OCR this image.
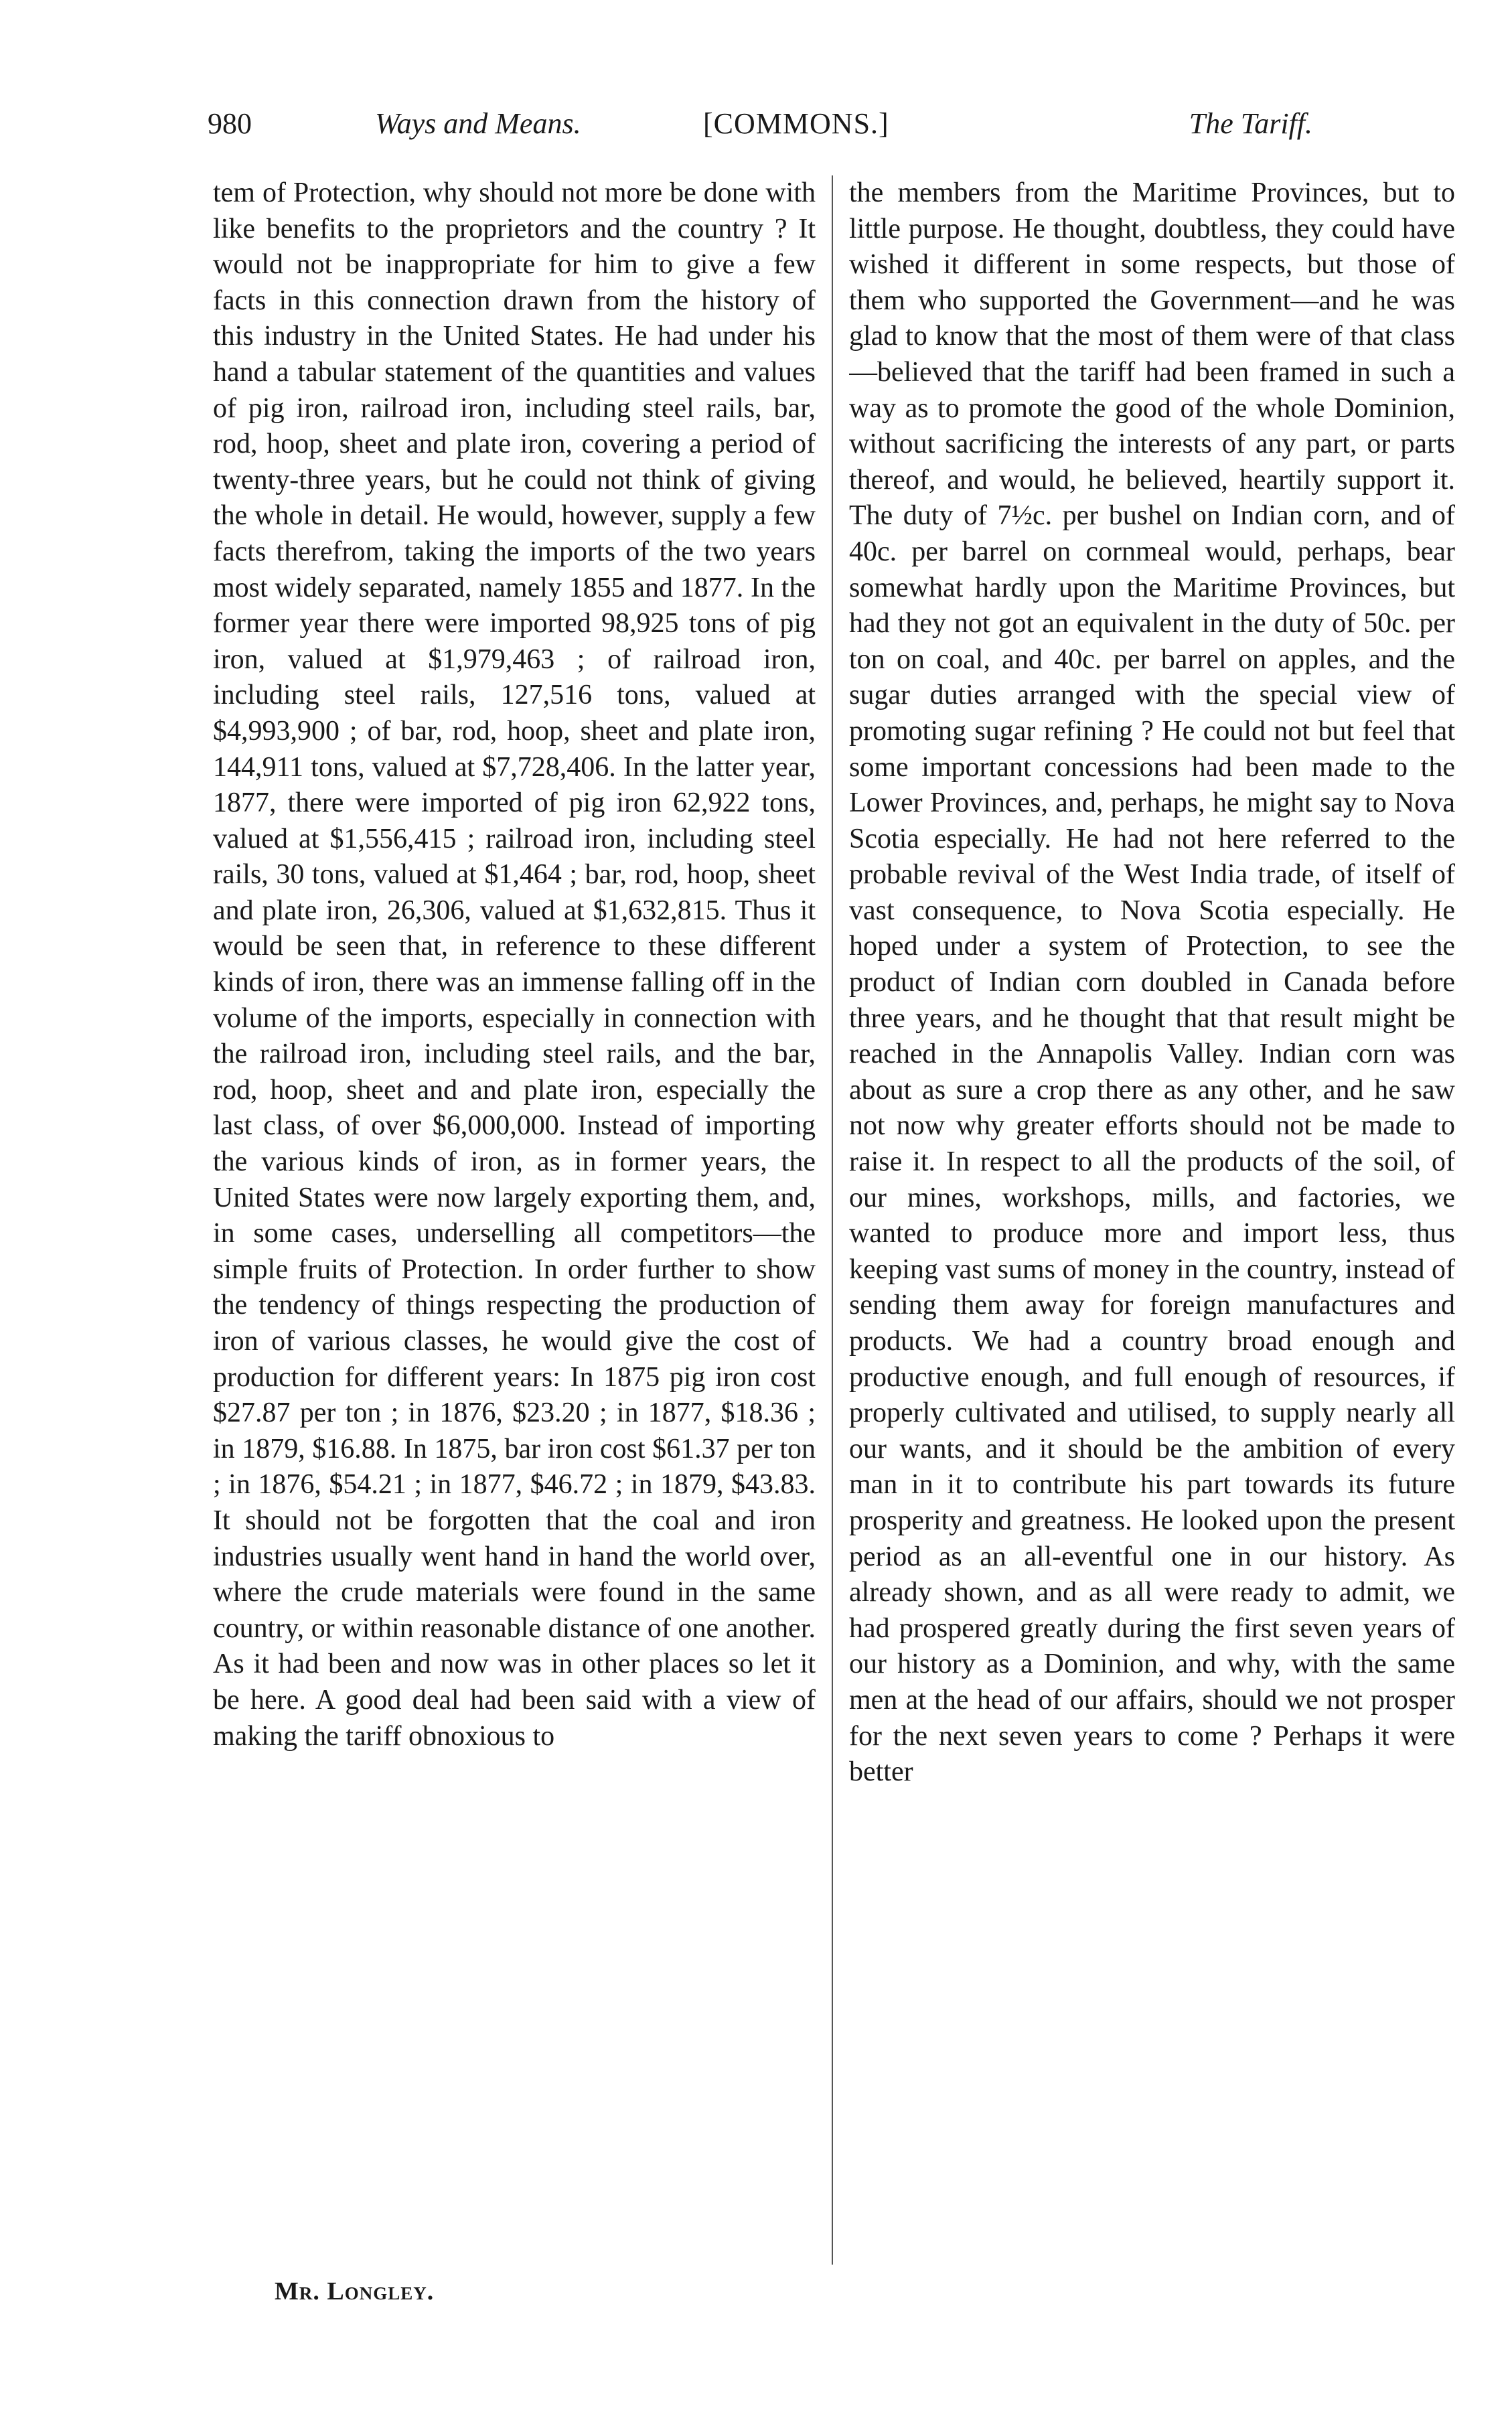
980	Ways and Means.	[COMMONS.]	The Tariff.
tem of Protection, why should not more be done with like benefits to the proprietors and the country ? It would not be inappropriate for him to give a few facts in this connection drawn from the history of this industry in the United States. He had under his hand a tabular statement of the quantities and values of pig iron, railroad iron, including steel rails, bar, rod, hoop, sheet and plate iron, covering a period of twenty-three years, but he could not think of giving the whole in detail. He would, however, supply a few facts therefrom, taking the imports of the two years most widely separated, namely 1855 and 1877. In the former year there were imported 98,925 tons of pig iron, valued at $1,979,463 ; of railroad iron, including steel rails, 127,516 tons, valued at $4,993,900 ; of bar, rod, hoop, sheet and plate iron, 144,911 tons, valued at $7,728,406. In the latter year, 1877, there were imported of pig iron 62,922 tons, valued at $1,556,415 ; railroad iron, including steel rails, 30 tons, valued at $1,464 ; bar, rod, hoop, sheet and plate iron, 26,306, valued at $1,632,815. Thus it would be seen that, in reference to these different kinds of iron, there was an immense falling off in the volume of the imports, especially in connection with the railroad iron, including steel rails, and the bar, rod, hoop, sheet and and plate iron, especially the last class, of over $6,000,000. Instead of importing the various kinds of iron, as in former years, the United States were now largely exporting them, and, in some cases, underselling all competitors—the simple fruits of Protection. In order further to show the tendency of things respecting the production of iron of various classes, he would give the cost of production for different years: In 1875 pig iron cost $27.87 per ton ; in 1876, $23.20 ; in 1877, $18.36 ; in 1879, $16.88. In 1875, bar iron cost $61.37 per ton ; in 1876, $54.21 ; in 1877, $46.72 ; in 1879, $43.83. It should not be forgotten that the coal and iron industries usually went hand in hand the world over, where the crude materials were found in the same country, or within reasonable distance of one another. As it had been and now was in other places so let it be here. A good deal had been said with a view of making the tariff obnoxious to
the members from the Maritime Provinces, but to little purpose. He thought, doubtless, they could have wished it different in some respects, but those of them who supported the Government—and he was glad to know that the most of them were of that class—believed that the tariff had been framed in such a way as to promote the good of the whole Dominion, without sacrificing the interests of any part, or parts thereof, and would, he believed, heartily support it. The duty of 7½c. per bushel on Indian corn, and of 40c. per barrel on cornmeal would, perhaps, bear somewhat hardly upon the Maritime Provinces, but had they not got an equivalent in the duty of 50c. per ton on coal, and 40c. per barrel on apples, and the sugar duties arranged with the special view of promoting sugar refining ? He could not but feel that some important concessions had been made to the Lower Provinces, and, perhaps, he might say to Nova Scotia especially. He had not here referred to the probable revival of the West India trade, of itself of vast consequence, to Nova Scotia especially. He hoped under a system of Protection, to see the product of Indian corn doubled in Canada before three years, and he thought that that result might be reached in the Annapolis Valley. Indian corn was about as sure a crop there as any other, and he saw not now why greater efforts should not be made to raise it. In respect to all the products of the soil, of our mines, workshops, mills, and factories, we wanted to produce more and import less, thus keeping vast sums of money in the country, instead of sending them away for foreign manufactures and products. We had a country broad enough and productive enough, and full enough of resources, if properly cultivated and utilised, to supply nearly all our wants, and it should be the ambition of every man in it to contribute his part towards its future prosperity and greatness. He looked upon the present period as an all-eventful one in our history. As already shown, and as all were ready to admit, we had prospered greatly during the first seven years of our history as a Dominion, and why, with the same men at the head of our affairs, should we not prosper for the next seven years to come ? Perhaps it were better
Mr. Longley.
